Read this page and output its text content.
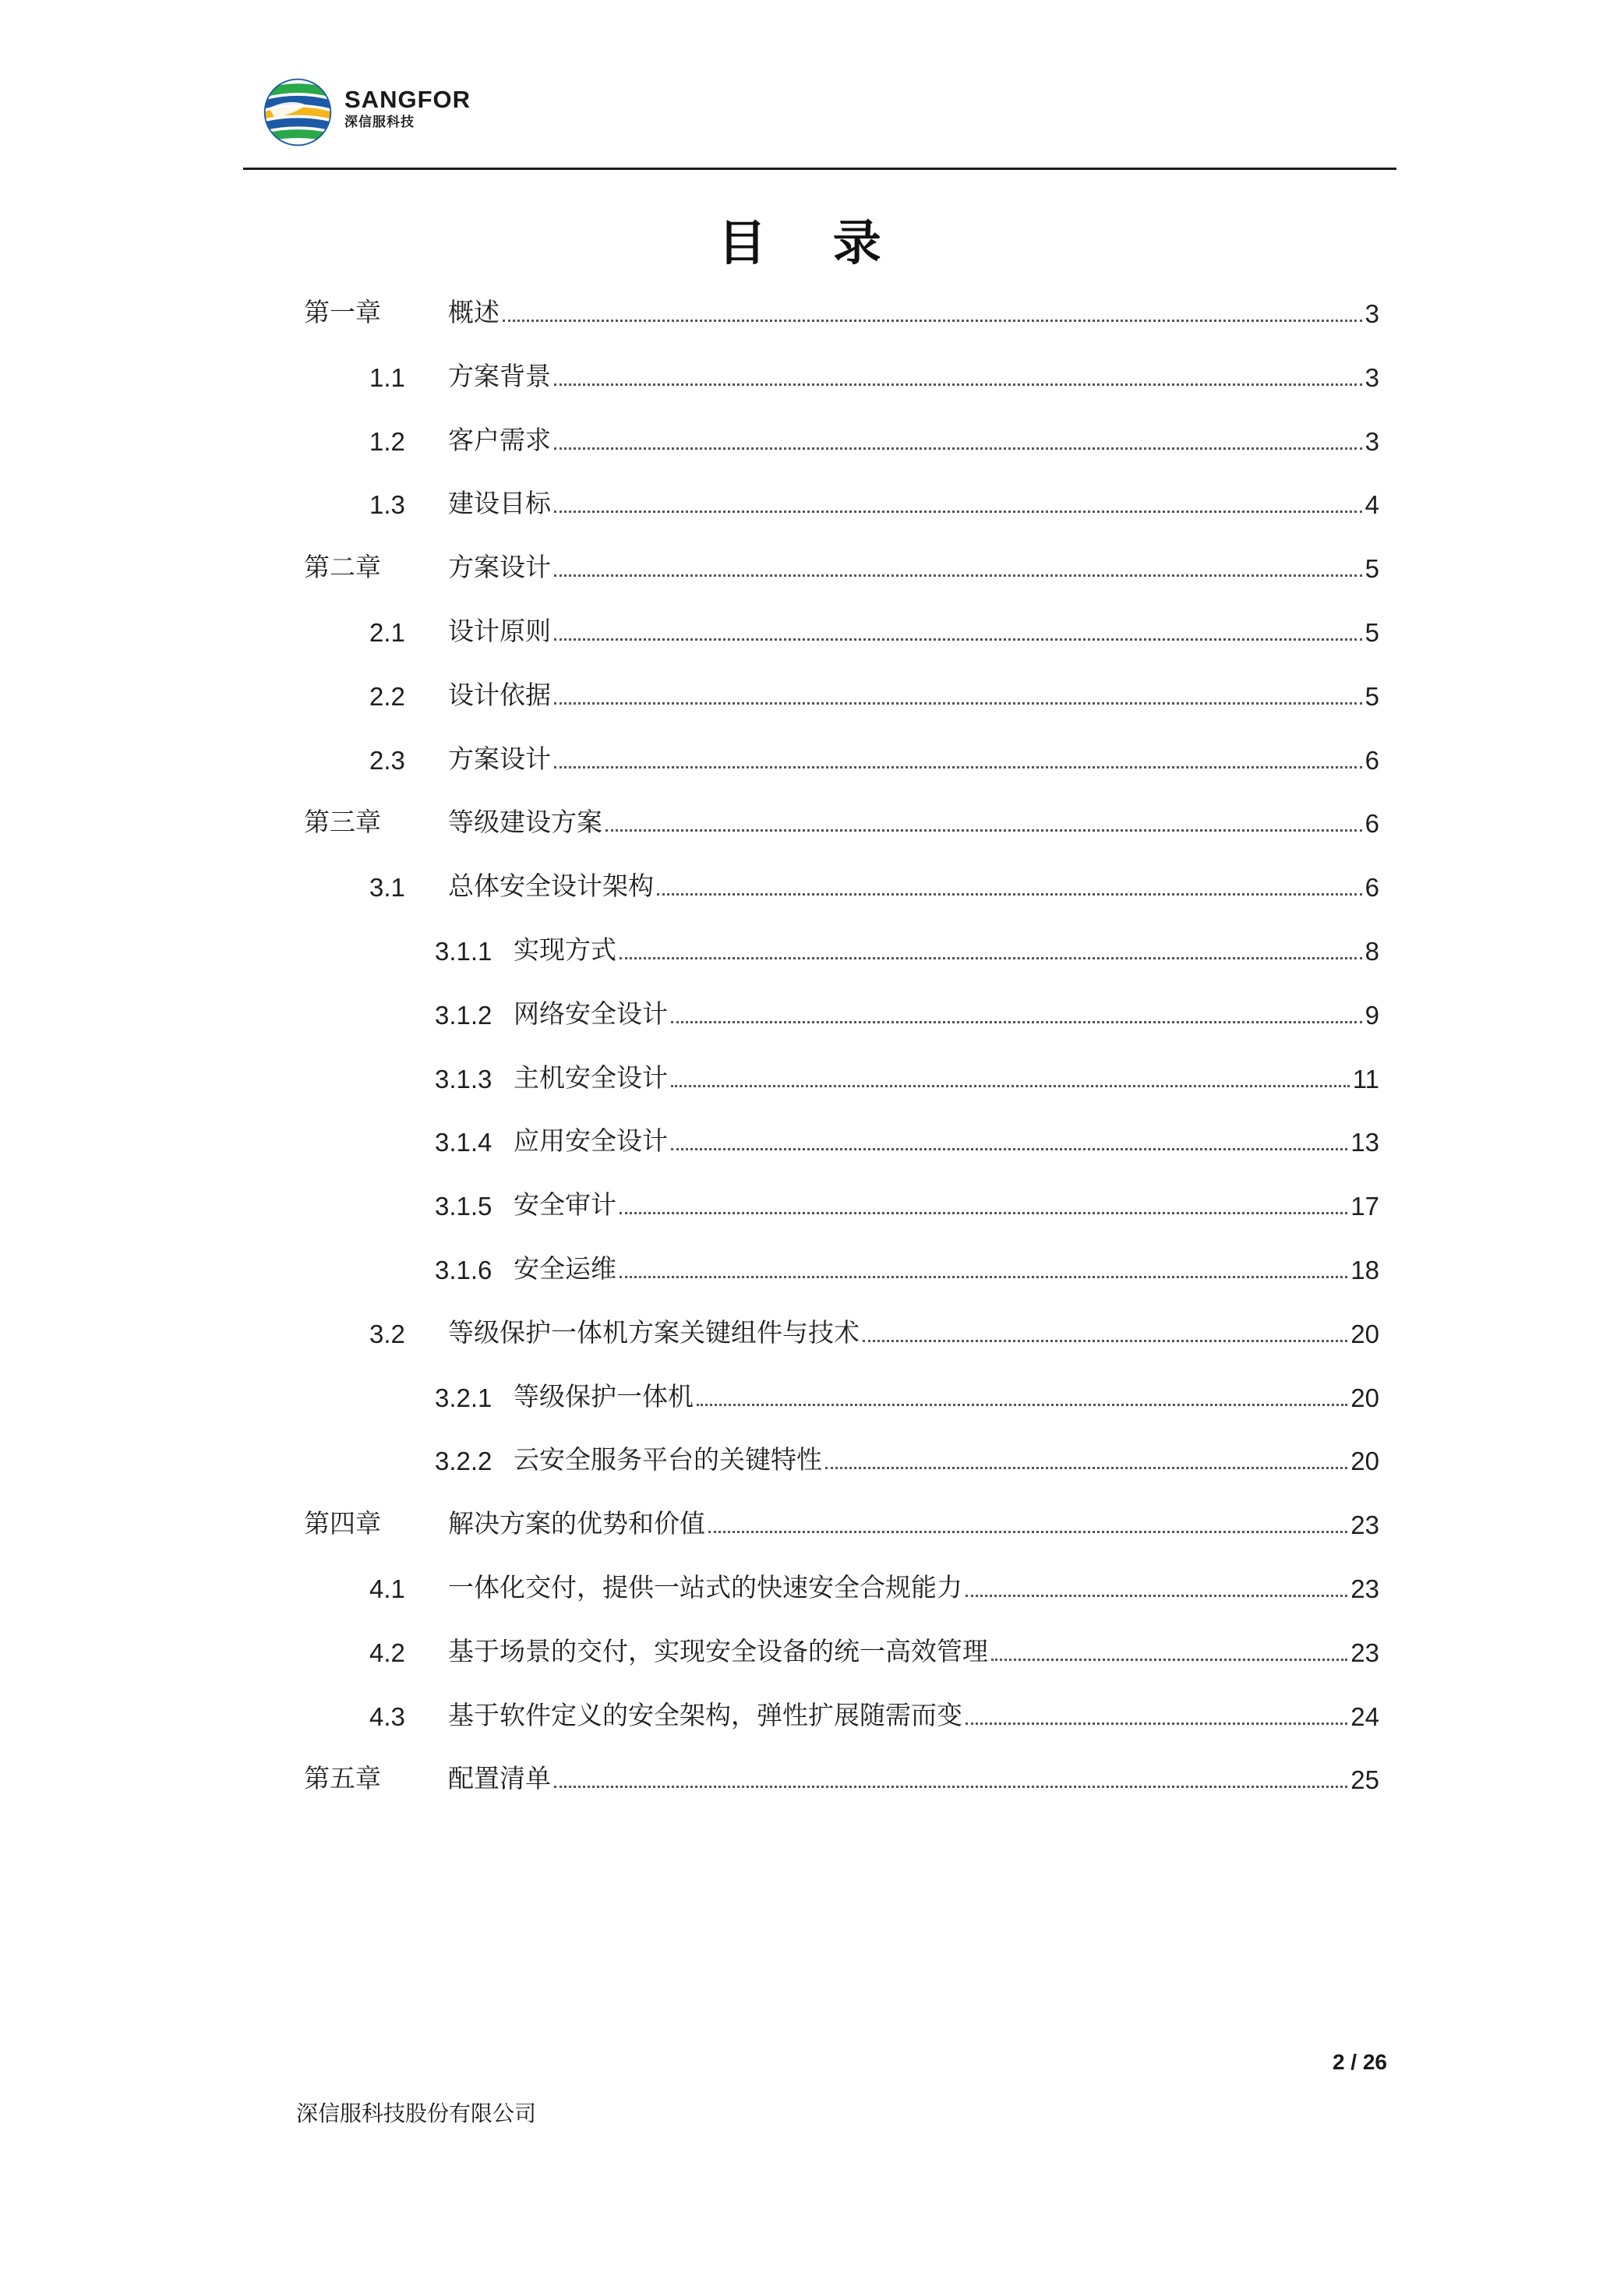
SANGFOR
深信服科技
目 录
第一章	概述	3
1.1	方案背景	3
1.2	客户需求	3
1.3	建设目标	4
第二章	方案设计	5
2.1	设计原则	5
2.2	设计依据	5
2.3	方案设计	6
第三章	等级建设方案	6
3.1	总体安全设计架构	6
3.1.1 实现方式	8
3.1.2 网络安全设计	9
3.1.3 主机安全设计	11
3.1.4 应用安全设计	13
3.1.5 安全审计	17
3.1.6 安全运维	18
3.2	等级保护一体机方案关键组件与技术	20
3.2.1 等级保护一体机	20
3.2.2 云安全服务平台的关键特性	20
第四章	解决方案的优势和价值	23
4.1	一体化交付，提供一站式的快速安全合规能力	23
4.2	基于场景的交付，实现安全设备的统一高效管理	23
4.3	基于软件定义的安全架构，弹性扩展随需而变	24
第五章	配置清单	25
2 / 26
深信服科技股份有限公司
